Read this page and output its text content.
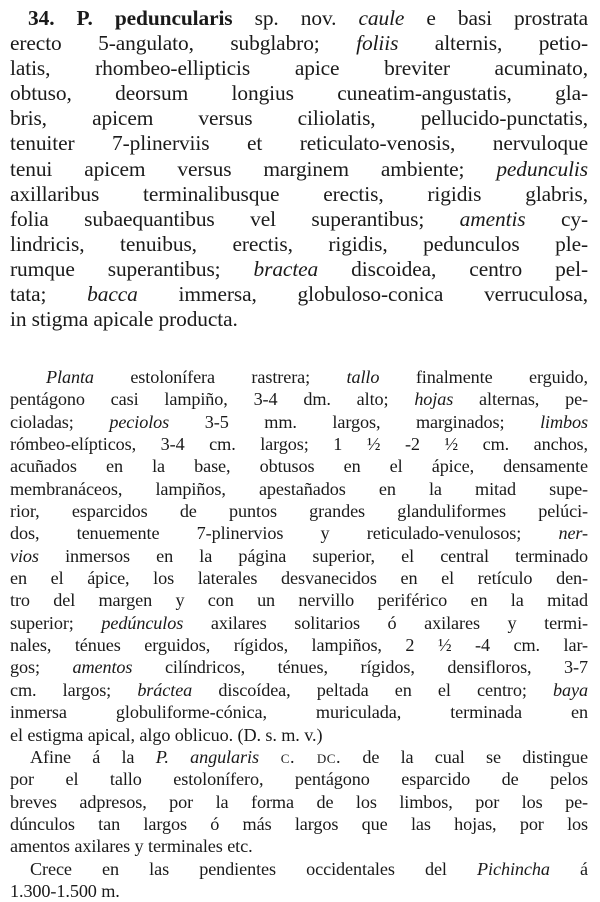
34. P. peduncularis sp. nov. caule e basi prostrata
erecto 5-angulato, subglabro; foliis alternis, petio-
latis, rhombeo-ellipticis apice breviter acuminato,
obtuso, deorsum longius cuneatim-angustatis, gla-
bris, apicem versus ciliolatis, pellucido-punctatis,
tenuiter 7-plinerviis et reticulato-venosis, nervuloque
tenui apicem versus marginem ambiente; pedunculis
axillaribus terminalibusque erectis, rigidis glabris,
folia subaequantibus vel superantibus; amentis cy-
lindricis, tenuibus, erectis, rigidis, pedunculos ple-
rumque superantibus; bractea discoidea, centro pel-
tata; bacca immersa, globuloso-conica verruculosa,
in stigma apicale producta.
Planta estolonífera rastrera; tallo finalmente erguido,
pentágono casi lampiño, 3-4 dm. alto; hojas alternas, pe-
cioladas; peciolos 3-5 mm. largos, marginados; limbos
rómbeo-elípticos, 3-4 cm. largos; 1 ½ -2 ½ cm. anchos,
acuñados en la base, obtusos en el ápice, densamente
membranáceos, lampiños, apestañados en la mitad supe-
rior, esparcidos de puntos grandes glanduliformes pelúci-
dos, tenuemente 7-plinervios y reticulado-venulosos; ner-
vios inmersos en la página superior, el central terminado
en el ápice, los laterales desvanecidos en el retículo den-
tro del margen y con un nervillo periférico en la mitad
superior; pedúnculos axilares solitarios ó axilares y termi-
nales, ténues erguidos, rígidos, lampiños, 2 ½ -4 cm. lar-
gos; amentos cilíndricos, ténues, rígidos, densifloros, 3-7
cm. largos; bráctea discoídea, peltada en el centro; baya
inmersa globuliforme-cónica, muriculada, terminada en
el estigma apical, algo oblicuo. (D. s. m. v.)
Afine á la P. angularis c. dc. de la cual se distingue
por el tallo estolonífero, pentágono esparcido de pelos
breves adpresos, por la forma de los limbos, por los pe-
dúnculos tan largos ó más largos que las hojas, por los
amentos axilares y terminales etc.
Crece en las pendientes occidentales del Pichincha á
1.300-1.500 m.
